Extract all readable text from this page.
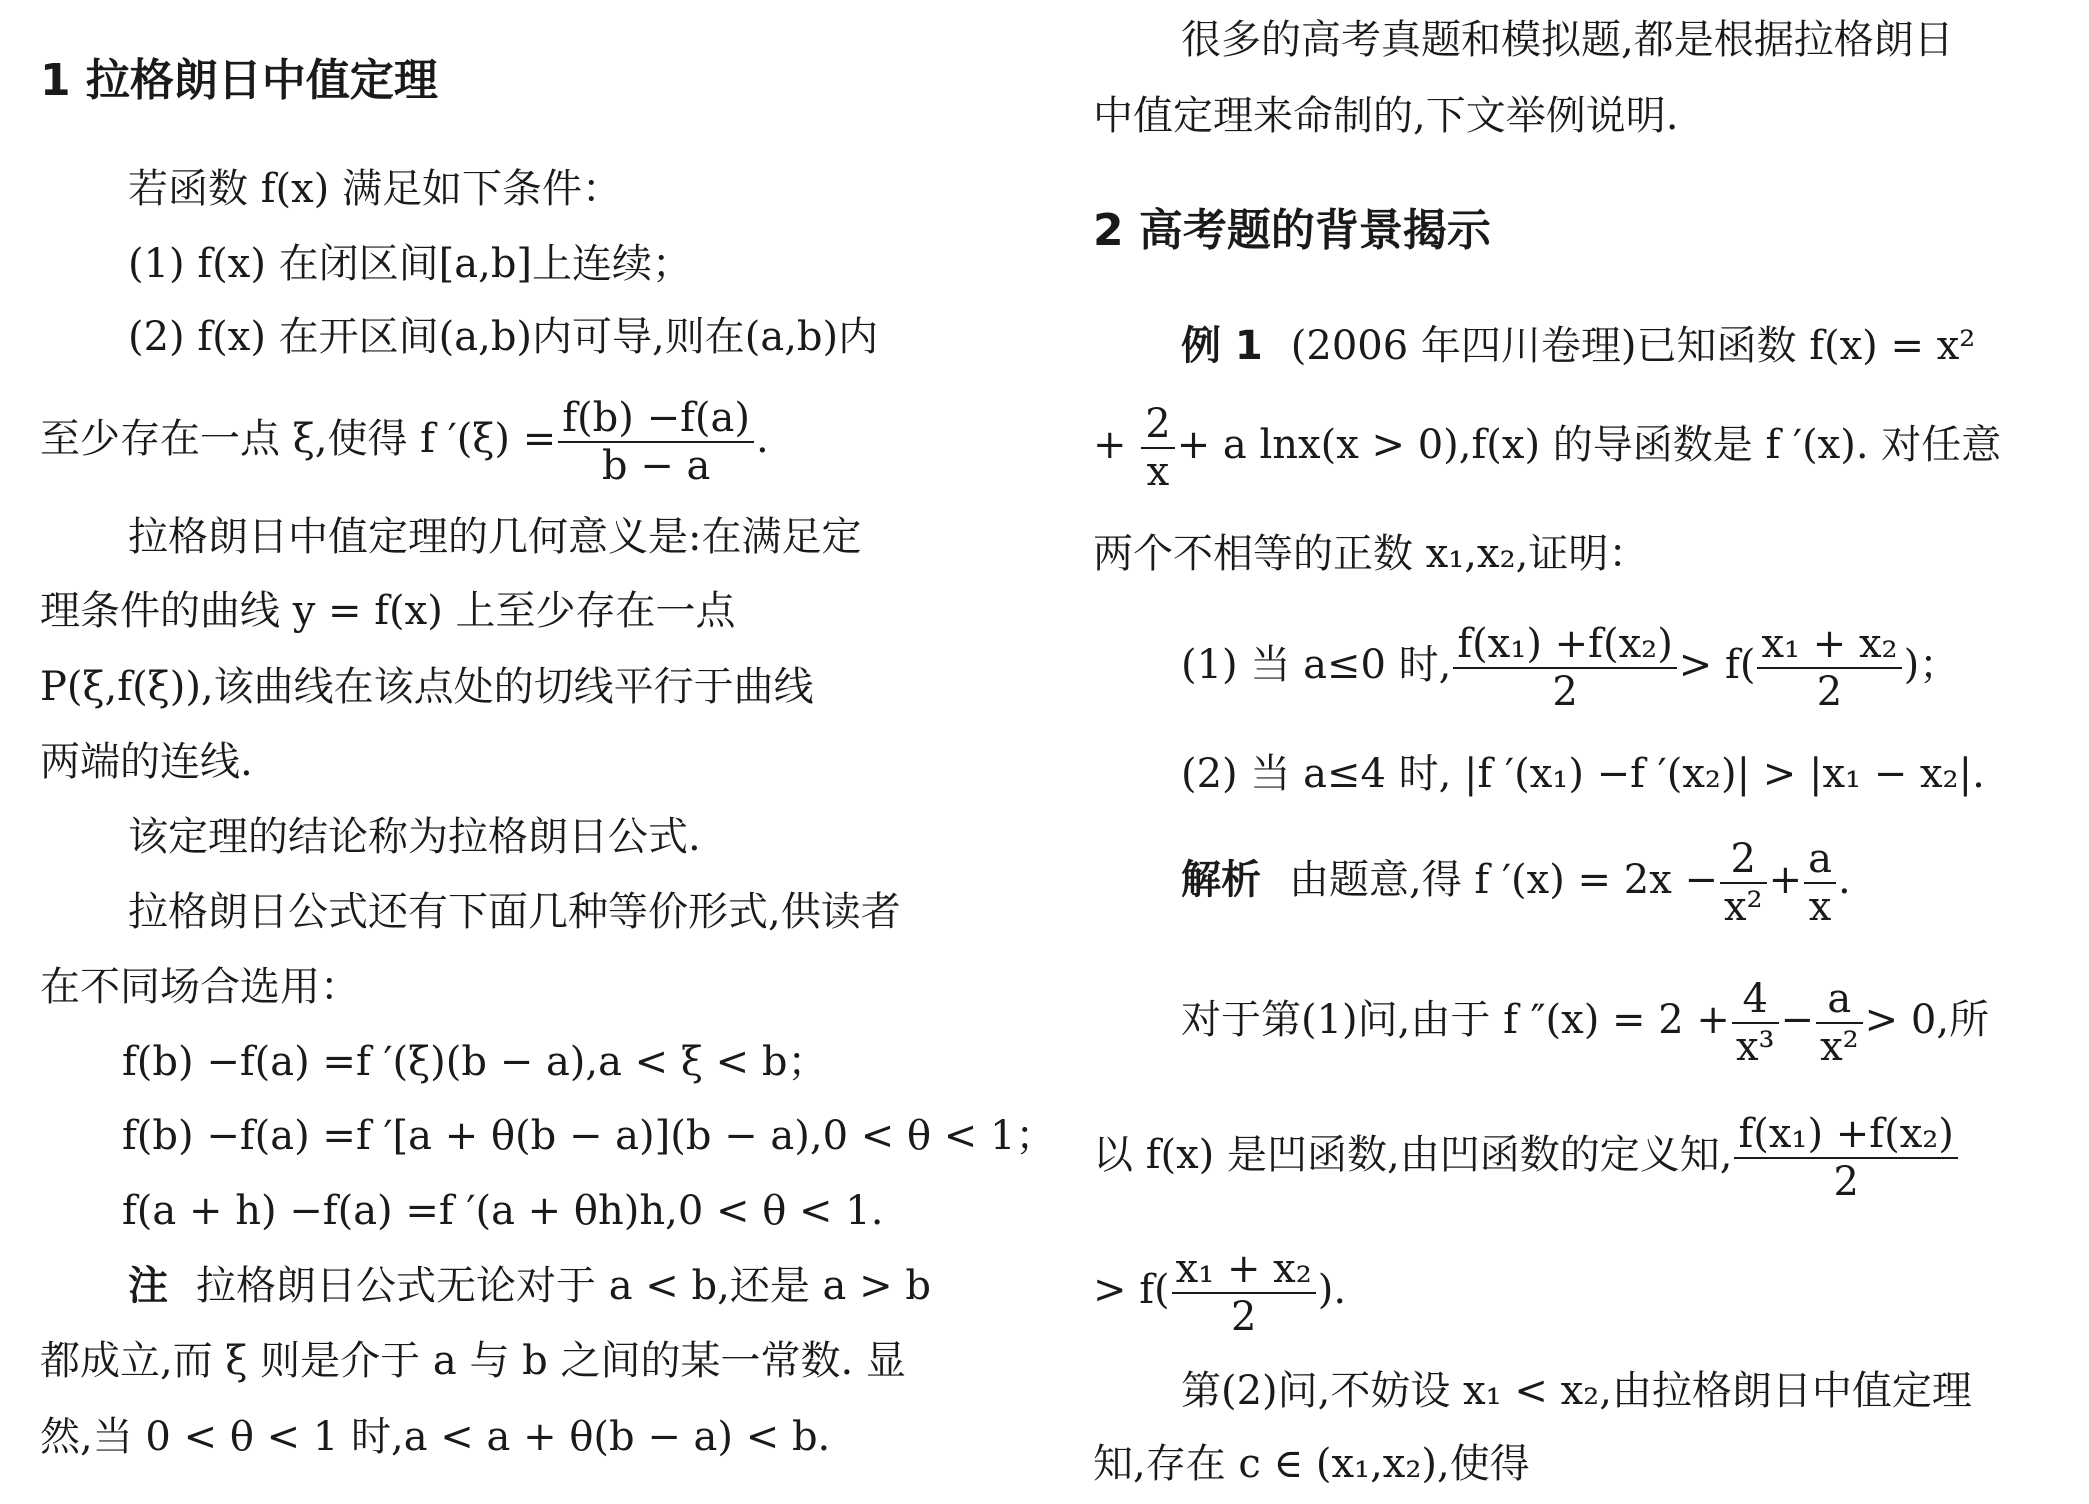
1 拉格朗日中值定理
若函数 f(x) 满足如下条件：
(1) f(x) 在闭区间[a,b]上连续；
(2) f(x) 在开区间(a,b)内可导,则在(a,b)内
至少存在一点 ξ,使得 f $'(\xi) = \frac{f(b) -f(a)}{b - a}$ .
拉格朗日中值定理的几何意义是:在满足定
理条件的曲线 y = f(x) 上至少存在一点
P(ξ,f(ξ)),该曲线在该点处的切线平行于曲线
两端的连线.
该定理的结论称为拉格朗日公式.
拉格朗日公式还有下面几种等价形式,供读者
在不同场合选用：
f(b) −f(a) =f ′(ξ)(b − a),a < ξ < b；
f(b) −f(a) =f ′[a + θ(b − a)](b − a),0 < θ < 1；
f(a + h) −f(a) =f ′(a + θh)h,0 < θ < 1.
注 拉格朗日公式无论对于 a < b,还是 a > b
都成立,而 ξ 则是介于 a 与 b 之间的某一常数. 显
然,当 0 < θ < 1 时,a < a + θ(b − a) < b.
很多的高考真题和模拟题,都是根据拉格朗日
中值定理来命制的,下文举例说明.
2 高考题的背景揭示
例 1 (2006 年四川卷理)已知函数 f(x) = x²
+ $\frac{2}{x} + a$ lnx(x > 0),f(x) 的导函数是 f ′(x). 对任意
两个不相等的正数 x₁,x₂,证明：
(1) 当 a≤0 时, $\frac{\text{f(x₁) +f(x₂)}}{2} > f( \frac{\text{x₁ + x₂}}{2}$ )；
(2) 当 a≤4 时, |f ′(x₁) −f ′(x₂)| > |x₁ − x₂|.
解析 由题意,得 f $'(x) = 2x - \frac{2}{\text{x²}} + \frac{a}{x}$ .
对于第(1)问,由于 f $''(x) = 2 + \frac{4}{\text{x³}} - \frac{a}{\text{x²}} > 0$,所
以 f(x) 是凹函数,由凹函数的定义知, $\frac{\text{f(x₁) +f(x₂)}}{2}$
> $f( \frac{\text{x₁ + x₂}}{2}$ ).
第(2)问,不妨设 x₁ < x₂,由拉格朗日中值定理
知,存在 c ∈ (x₁,x₂),使得
